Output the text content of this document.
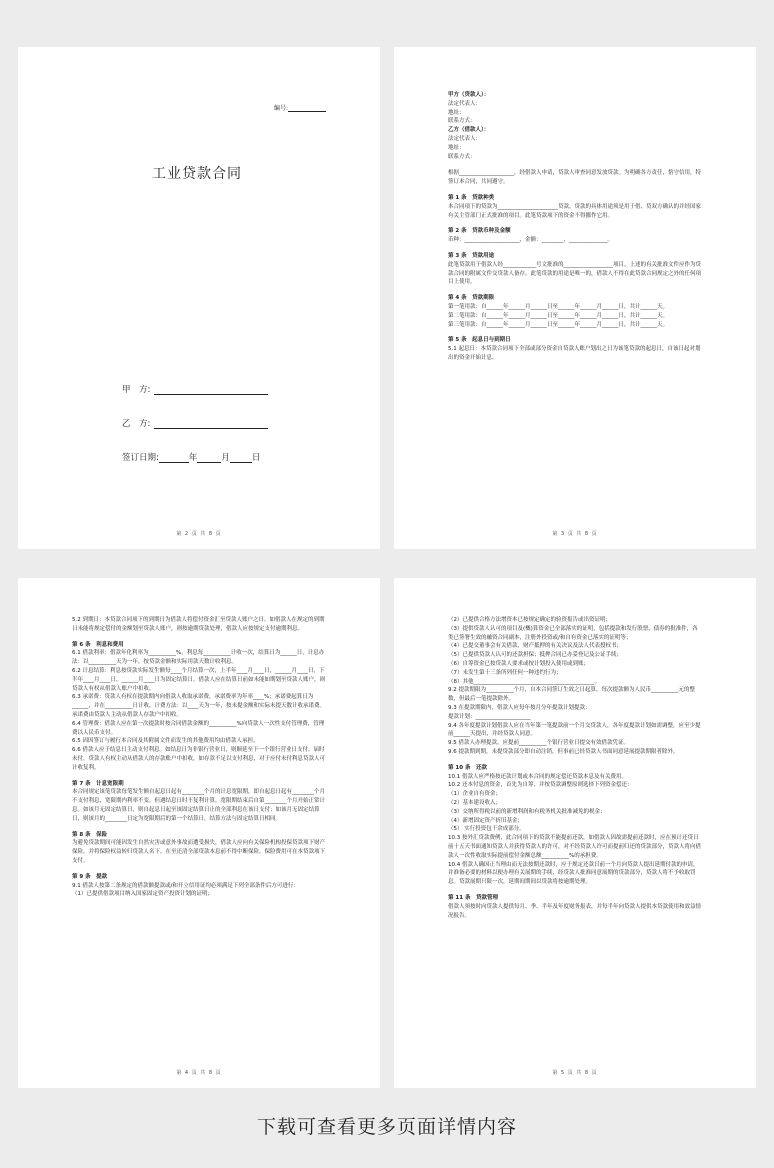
编号:
工业贷款合同
甲　方:
乙　方:
签订日期:	年	月	日
第 2 页 共 8 页

甲方（贷款人）：

法定代表人：

地址：

联系方式：

乙方（借款人）：

法定代表人：

地址：

联系方式：

根据____________________，经借款人申请，贷款人审查同意发放贷款。为明确各方责任，恪守信用，特签订本合同，共同遵守。

第 1 条　贷款种类

本合同项下的贷款为______________________贷款。贷款的具体用途须是用于借、贷双方确认的并经国家有关主管部门正式批准的项目。此笔贷款项下的资金不得挪作它用。

第 2 条　贷款币种及金额

币种：____________________，金额：________，______________。

第 3 条　贷款用途

此笔贷款用于借款人经____________号文批准的__________________项目。上述的有关批准文件应作为贷款合同的附属文件交贷款人备存。此笔贷款的用途是唯一的，借款人不得在此贷款合同规定之外的任何项目上使用。

第 4 条　贷款期限

第一笔用款：自______年______月______日至______年______月______日，共计______天。

第二笔用款：自______年______月______日至______年______月______日，共计______天。

第三笔用款：自______年______月______日至______年______月______日，共计______天。

第 5 条　起息日与到期日

5.1 起息日：本贷款合同项下全部或部分资金自贷款人账户划出之日为该笔贷款的起息日，自该日起对划出的资金开始计息。

第 3 页 共 8 页

5.2 到期日：本贷款合同项下的到期日为借款人将偿付资金汇至贷款人账户之日。如借款人在规定的到期日未能将规定偿付的金额划至贷款人账户，则按逾期贷款处理，借款人应按规定支付逾期利息。

第 6 条　利息和费用

6.1 借款利率：借款年化利率为__________%，利息每__________计收一次，结算日为______日，计息办法：以__________天为一年，按贷款金额和实际用款天数计收利息。

6.2 计息结算：利息按贷款实际发生额每____个月结算一次，上半年____月____日，______月____日，下半年____月____日，______月____日为固定结算日。借款人应在结算日前如未能如期划至贷款人账户，则贷款人有权从借款人账户中扣收。

6.3 承诺费：贷款人有权在提款期内向借款人收取承诺费，承诺费率为年率____%；承诺费起算日为______，并在__________日计收，计费方法：以____天为一年，按未提金额和实际未提天数计收承诺费。承诺费由贷款人主动从借款人存款户中扣收。

6.4 管理费：借款人应在第一次提款时按合同借款金额的__________%向贷款人一次性支付管理费，管理费以人民币支付。

6.5 因因签订与履行本合同及其附属文件而发生的其他费用均由借款人承担。

6.6 借款人应于结息日主动支付利息。如结息日为非银行营业日，则顺延至下一个银行营业日支付。届时未付，贷款人有权主动从借款人的存款账户中扣收，如存款不足以支付利息，对于应付未付利息贷款人可计收复利。

第 7 条　计息宽限期

本合同规定该笔贷款每笔发生额自起息日起有________个月的计息宽限期，即自起息日起有________个月不支付利息，宽限期内利率不变。但遇结息日时不复利计算。宽限期结束后自第________个月开始正常计息。如该月无固定结算日，则自起息日起至该固定结算日止的全部利息在该日支付；如该月无固定结算日，则该月的________日定为宽限期后的第一个结算日，结算方法与固定结算日相同。

第 8 条　保险

为避免贷款期间可能因发生自然灾害或意外事故而遭受损失，借款人应向有关保险机构投保贷款项下财产保险，并将保险权益转归贷款人名下，在至还清全部贷款本息前不得中断保险，保险费用可在本贷款项下支付。

第 9 条　提款

9.1 借款人按第二条规定的借款额提款或/和开立信用证均必须满足下列全部条件后方可进行：

（1）已提供借款项目纳入国家固定资产投资计划的证明；

第 4 页 共 8 页

（2）已提供合格方法增资本已按规定确定的验资报告或出资证明；

（3）提供贷款人认可的项目及(概)算资金已全部落实的证明，包括提款和发行股票、债券的批准件，各类已签署生效的融资合同副本，注册外投资或/和自有资金已落实的证明等；

（4）已提交董事会有关借款、财产抵押的有关决议及法人代表授权书；

（5）已提供贷款人认可的还款担保；抵押合同已办妥登记及公证手续；

（6）自筹资金已按贷款人要求或按计划投入使用或到账；

（7）未发生第十三条所列任何一种违约行为；

（8）其他____________________________________________。

9.2 提款期限为__________个月，自本合同签订生效之日起算，每次提款额为人民币__________元的整数，但最后一笔提款除外。

9.3 在提款期限内，借款人应每年按月分年提款计划提款：

提款计划：____________________

9.4 各年度提款计划借款人应在当年第一笔提款前一个月交贷款人，各年度提款计划如需调整，应至少提前______天提出，并经贷款人同意。

9.5 借款人办理提款，应提前__________个银行营业日提交有效借款凭证。

9.6 提款期到期，未提贷款部分即自动注销，但事前已经贷款人书面同意延展提款期限者除外。

第 10 条　还款

10.1 借款人应严格按还款计划或本合同的规定偿还贷款本息及有关费用。

10.2 还本付息的资金，首先为自筹，并按贷款调整原则选择下列资金偿还：

（1）企业自有资金；

（2）基本建设收入；

（3）交纳所得税以前的新增利润和有税务机关批准减免的税金；

（4）新增固定资产折旧基金；

（5） 实行投资包干余成部分。

10.3 按外汇贷款费例，此合同项下的贷款不能提前还款，如借款人因故需提前还款时，应在预计还贷日前十五天书面通知贷款人并获得贷款人的许可，对不经贷款人许可而提前归还的贷款部分，贷款人将向借款人一次性收取实际提前偿付金额总额__________%的承担费。

10.4 借款人确因正当理由而无法按期还款时，应于规定还款日前一个月向贷款人提出延期付款的申请，并准备必要的材料以便办理有关展期的手续，经贷款人批准同意展期的贷款部分，贷款人将不予收取罚息。贷款展期只限一次，延期间期间以贷款将按逾期处理。

第 11 条　贷款管理

借款人须按时向贷款人提供每月、季、半年及年度财务报表，并每半年向贷款人提供本贷款使用和效益情况报告。

第 5 页 共 8 页
下载可查看更多页面详情内容
